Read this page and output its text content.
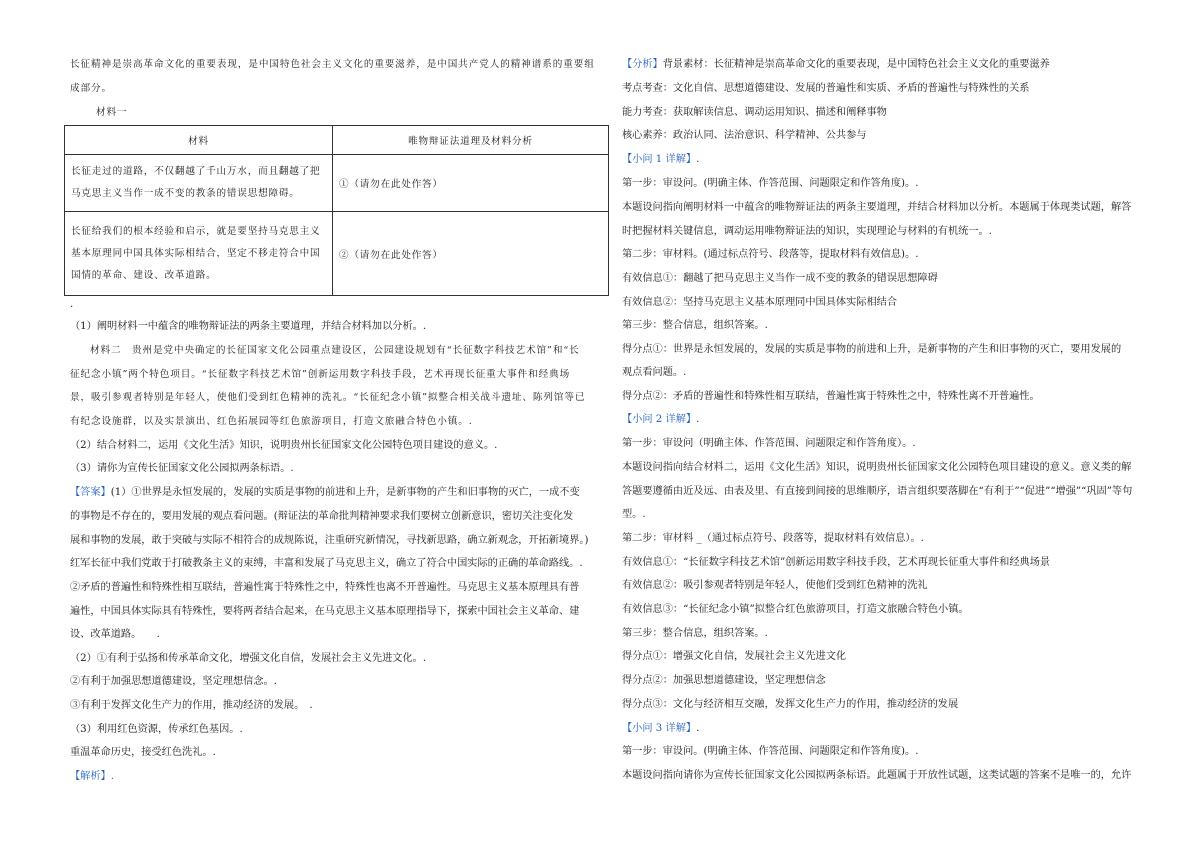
长征精神是崇高革命文化的重要表现，是中国特色社会主义文化的重要滋养，是中国共产党人的精神谱系的重要组
成部分。
材料一
材料	唯物辩证法道理及材料分析

长征走过的道路，不仅翻越了千山万水，而且翻越了把
马克思主义当作一成不变的教条的错误思想障碍。	①（请勿在此处作答）

长征给我们的根本经验和启示，就是要坚持马克思主义
基本原理同中国具体实际相结合，坚定不移走符合中国
国情的革命、建设、改革道路。	②（请勿在此处作答）
.
（1）阐明材料一中蕴含的唯物辩证法的两条主要道理，并结合材料加以分析。.
材料二　贵州是党中央确定的长征国家文化公园重点建设区，公园建设规划有“长征数字科技艺术馆”和“长
征纪念小镇”两个特色项目。“长征数字科技艺术馆”创新运用数字科技手段，艺术再现长征重大事件和经典场
景，吸引参观者特别是年轻人，使他们受到红色精神的洗礼。“长征纪念小镇”拟整合相关战斗遗址、陈列馆等已
有纪念设施群，以及实景演出、红色拓展园等红色旅游项目，打造文旅融合特色小镇。.
（2）结合材料二，运用《文化生活》知识，说明贵州长征国家文化公园特色项目建设的意义。.
（3）请你为宣传长征国家文化公园拟两条标语。.
【答案】(1）①世界是永恒发展的，发展的实质是事物的前进和上升，是新事物的产生和旧事物的灭亡，一成不变
的事物是不存在的，要用发展的观点看问题。(辩证法的革命批判精神要求我们要树立创新意识，密切关注变化发
展和事物的发展，敢于突破与实际不相符合的成规陈说，注重研究新情况，寻找新思路，确立新观念，开拓新境界。)
红军长征中我们党敢于打破教条主义的束缚，丰富和发展了马克思主义，确立了符合中国实际的正确的革命路线。.
②矛盾的普遍性和特殊性相互联结，普遍性寓于特殊性之中，特殊性也离不开普遍性。马克思主义基本原理具有普
遍性，中国具体实际具有特殊性，要将两者结合起来，在马克思主义基本原理指导下，探索中国社会主义革命、建
设、改革道路。　　.
（2）①有利于弘扬和传承革命文化，增强文化自信，发展社会主义先进文化。.
②有利于加强思想道德建设，坚定理想信念。.
③有利于发挥文化生产力的作用，推动经济的发展。　.
（3）利用红色资源，传承红色基因。.
重温革命历史，接受红色洗礼。.
【解析】.
【分析】背景素材：长征精神是崇高革命文化的重要表现，是中国特色社会主义文化的重要滋养
考点考查：文化自信、思想道德建设、发展的普遍性和实质、矛盾的普遍性与特殊性的关系
能力考查：获取解读信息、调动运用知识、描述和阐释事物
核心素养：政治认同、法治意识、科学精神、公共参与
【小问 1 详解】.
第一步：审设问。(明确主体、作答范围、问题限定和作答角度)。.
本题设问指向阐明材料一中蕴含的唯物辩证法的两条主要道理，并结合材料加以分析。本题属于体现类试题，解答
时把握材料关键信息，调动运用唯物辩证法的知识，实现理论与材料的有机统一。.
第二步：审材料。(通过标点符号、段落等，提取材料有效信息)。.
有效信息①：翻越了把马克思主义当作一成不变的教条的错误思想障碍
有效信息②：坚持马克思主义基本原理同中国具体实际相结合
第三步：整合信息，组织答案。.
得分点①：世界是永恒发展的，发展的实质是事物的前进和上升，是新事物的产生和旧事物的灭亡，要用发展的
观点看问题。.
得分点②：矛盾的普遍性和特殊性相互联结，普遍性寓于特殊性之中，特殊性离不开普遍性。
【小问 2 详解】.
第一步：审设问（明确主体、作答范围、问题限定和作答角度）。.
本题设问指向结合材料二，运用《文化生活》知识，说明贵州长征国家文化公园特色项目建设的意义。意义类的解
答题要遵循由近及远、由表及里、有直接到间接的思维顺序，语言组织要落脚在“有利于”“促进”“增强”“巩固”等句
型。.
第二步：审材料 _（通过标点符号、段落等，提取材料有效信息）。.
有效信息①：“长征数字科技艺术馆”创新运用数字科技手段，艺术再现长征重大事件和经典场景
有效信息②：吸引参观者特别是年轻人，使他们受到红色精神的洗礼
有效信息③：“长征纪念小镇”拟整合红色旅游项目，打造文旅融合特色小镇。
第三步：整合信息，组织答案。.
得分点①：增强文化自信，发展社会主义先进文化
得分点②：加强思想道德建设，坚定理想信念
得分点③：文化与经济相互交融，发挥文化生产力的作用，推动经济的发展
【小问 3 详解】.
第一步：审设问。(明确主体、作答范围、问题限定和作答角度)。.
本题设问指向请你为宣传长征国家文化公园拟两条标语。此题属于开放性试题，这类试题的答案不是唯一的，允许
